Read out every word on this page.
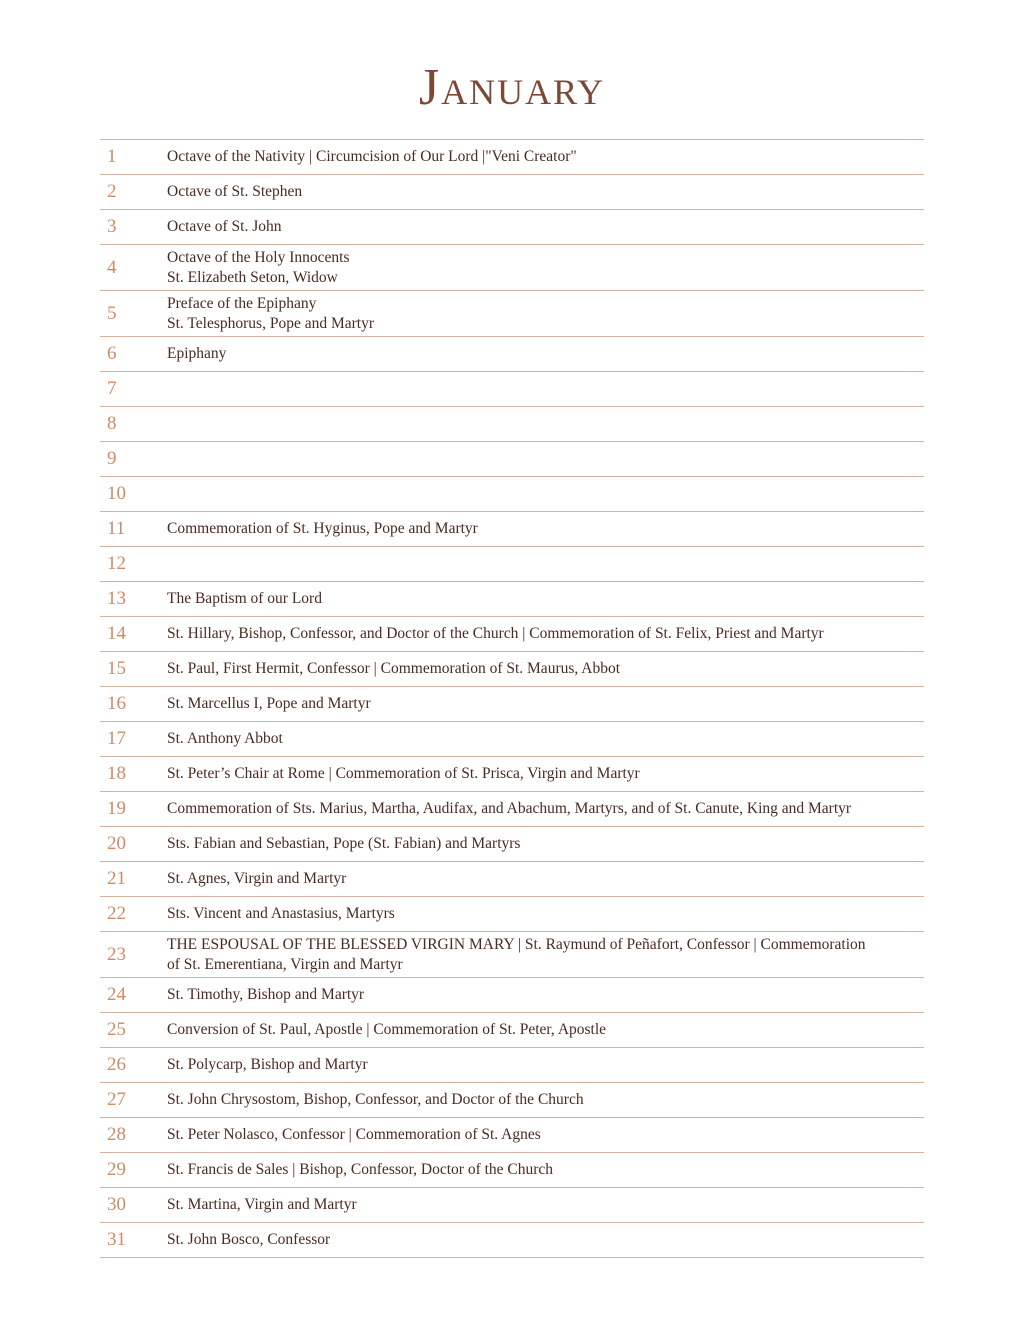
January
1	Octave of the Nativity | Circumcision of Our Lord |"Veni Creator"
2	Octave of St. Stephen
3	Octave of St. John
4	Octave of the Holy Innocents
St. Elizabeth Seton, Widow
5	Preface of the Epiphany
St. Telesphorus, Pope and Martyr
6	Epiphany
7
8
9
10
11	Commemoration of St. Hyginus, Pope and Martyr
12
13	The Baptism of our Lord
14	St. Hillary, Bishop, Confessor, and Doctor of the Church | Commemoration of St. Felix, Priest and Martyr
15	St. Paul, First Hermit, Confessor | Commemoration of St. Maurus, Abbot
16	St. Marcellus I, Pope and Martyr
17	St. Anthony Abbot
18	St. Peter’s Chair at Rome | Commemoration of St. Prisca, Virgin and Martyr
19	Commemoration of Sts. Marius, Martha, Audifax, and Abachum, Martyrs, and of St. Canute, King and Martyr
20	Sts. Fabian and Sebastian, Pope (St. Fabian) and Martyrs
21	St. Agnes, Virgin and Martyr
22	Sts. Vincent and Anastasius, Martyrs
23	THE ESPOUSAL OF THE BLESSED VIRGIN MARY | St. Raymund of Peñafort, Confessor | Commemoration
of St. Emerentiana, Virgin and Martyr
24	St. Timothy, Bishop and Martyr
25	Conversion of St. Paul, Apostle | Commemoration of St. Peter, Apostle
26	St. Polycarp, Bishop and Martyr
27	St. John Chrysostom, Bishop, Confessor, and Doctor of the Church
28	St. Peter Nolasco, Confessor | Commemoration of St. Agnes
29	St. Francis de Sales | Bishop, Confessor, Doctor of the Church
30	St. Martina, Virgin and Martyr
31	St. John Bosco, Confessor
